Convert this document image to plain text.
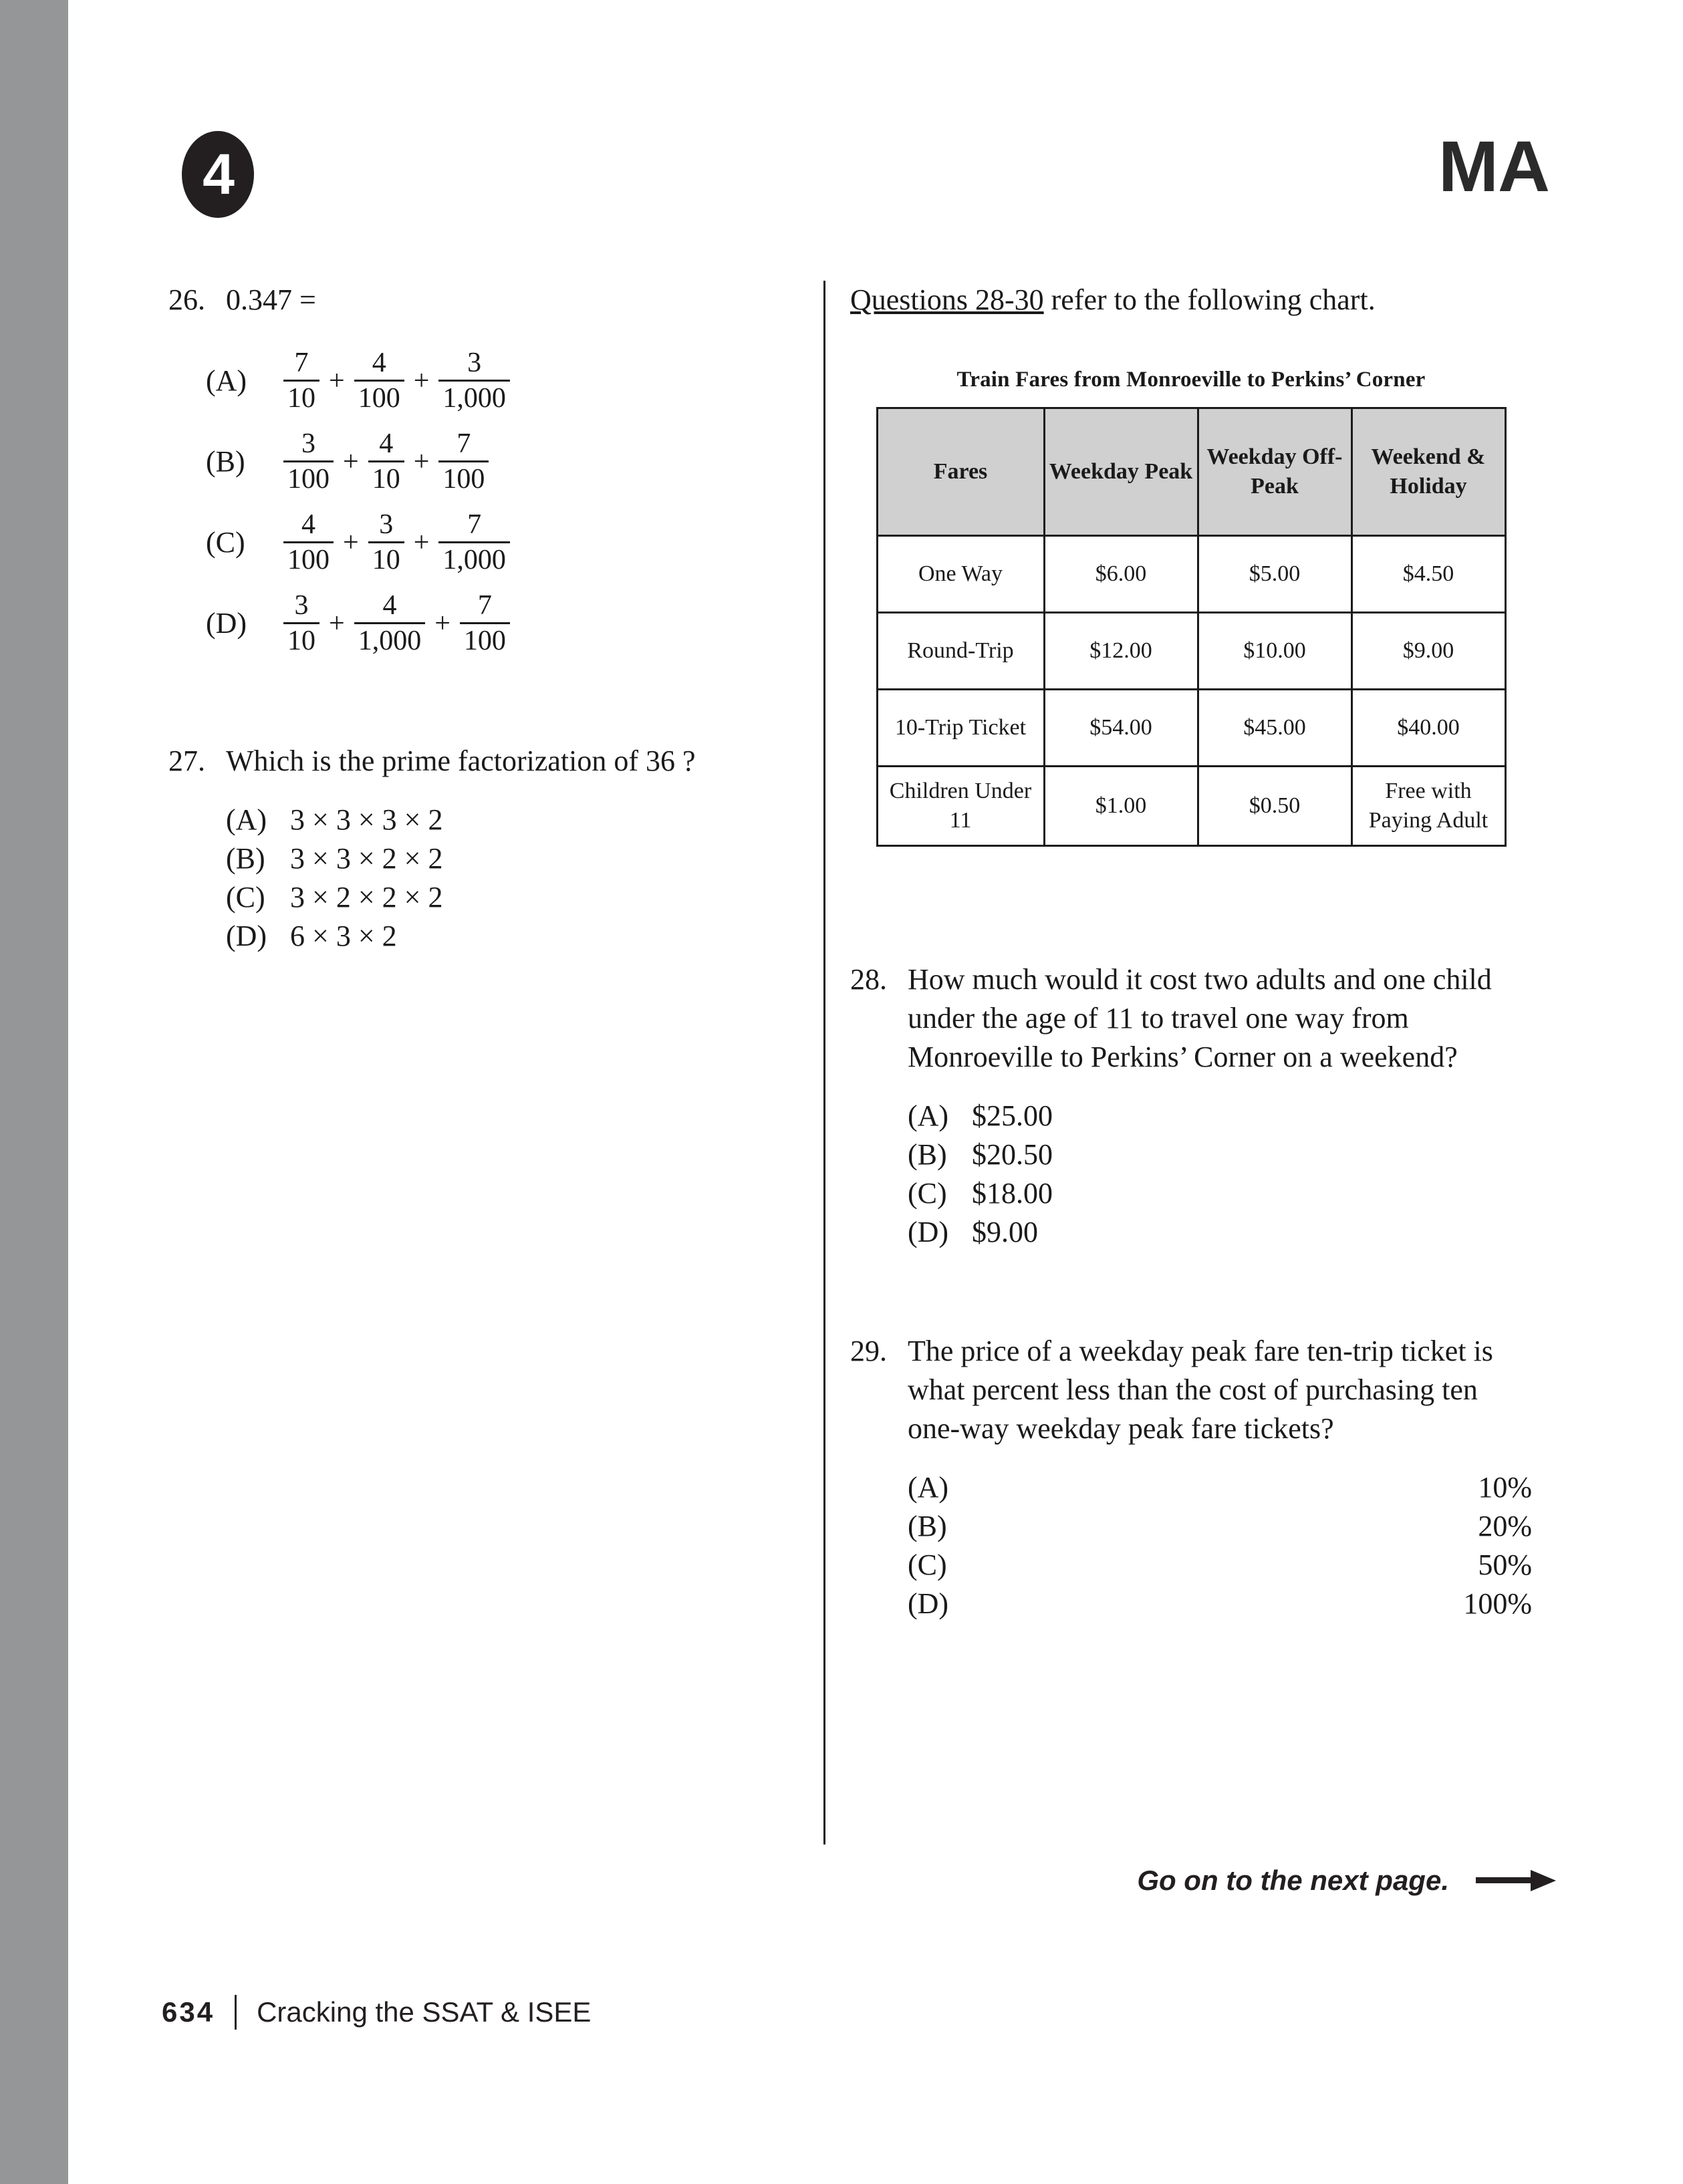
4	MA
26. 0.347 =
(A)	$\frac{7}{10} + \frac{4}{100} + \frac{3}{1,000}$
(B)	$\frac{3}{100} + \frac{4}{10} + \frac{7}{100}$
(C)	$\frac{4}{100} + \frac{3}{10} + \frac{7}{1,000}$
(D)	$\frac{3}{10} + \frac{4}{1,000} + \frac{7}{100}$
27. Which is the prime factorization of 36 ?
(A) 3 × 3 × 3 × 2
(B) 3 × 3 × 2 × 2
(C) 3 × 2 × 2 × 2
(D) 6 × 3 × 2
Questions 28-30 refer to the following chart.
Train Fares from Monroeville to Perkins’ Corner
Fares	Weekday Peak	Weekday Off-Peak	Weekend & Holiday
One Way	$6.00	$5.00	$4.50
Round-Trip	$12.00	$10.00	$9.00
10-Trip Ticket	$54.00	$45.00	$40.00
Children Under 11	$1.00	$0.50	Free with Paying Adult
28. How much would it cost two adults and one child under the age of 11 to travel one way from Monroeville to Perkins’ Corner on a weekend?
(A) $25.00
(B) $20.50
(C) $18.00
(D) $9.00
29. The price of a weekday peak fare ten-trip ticket is what percent less than the cost of purchasing ten one-way weekday peak fare tickets?
(A)	10%
(B)	20%
(C)	50%
(D)	100%
Go on to the next page.
634 Cracking the SSAT & ISEE
